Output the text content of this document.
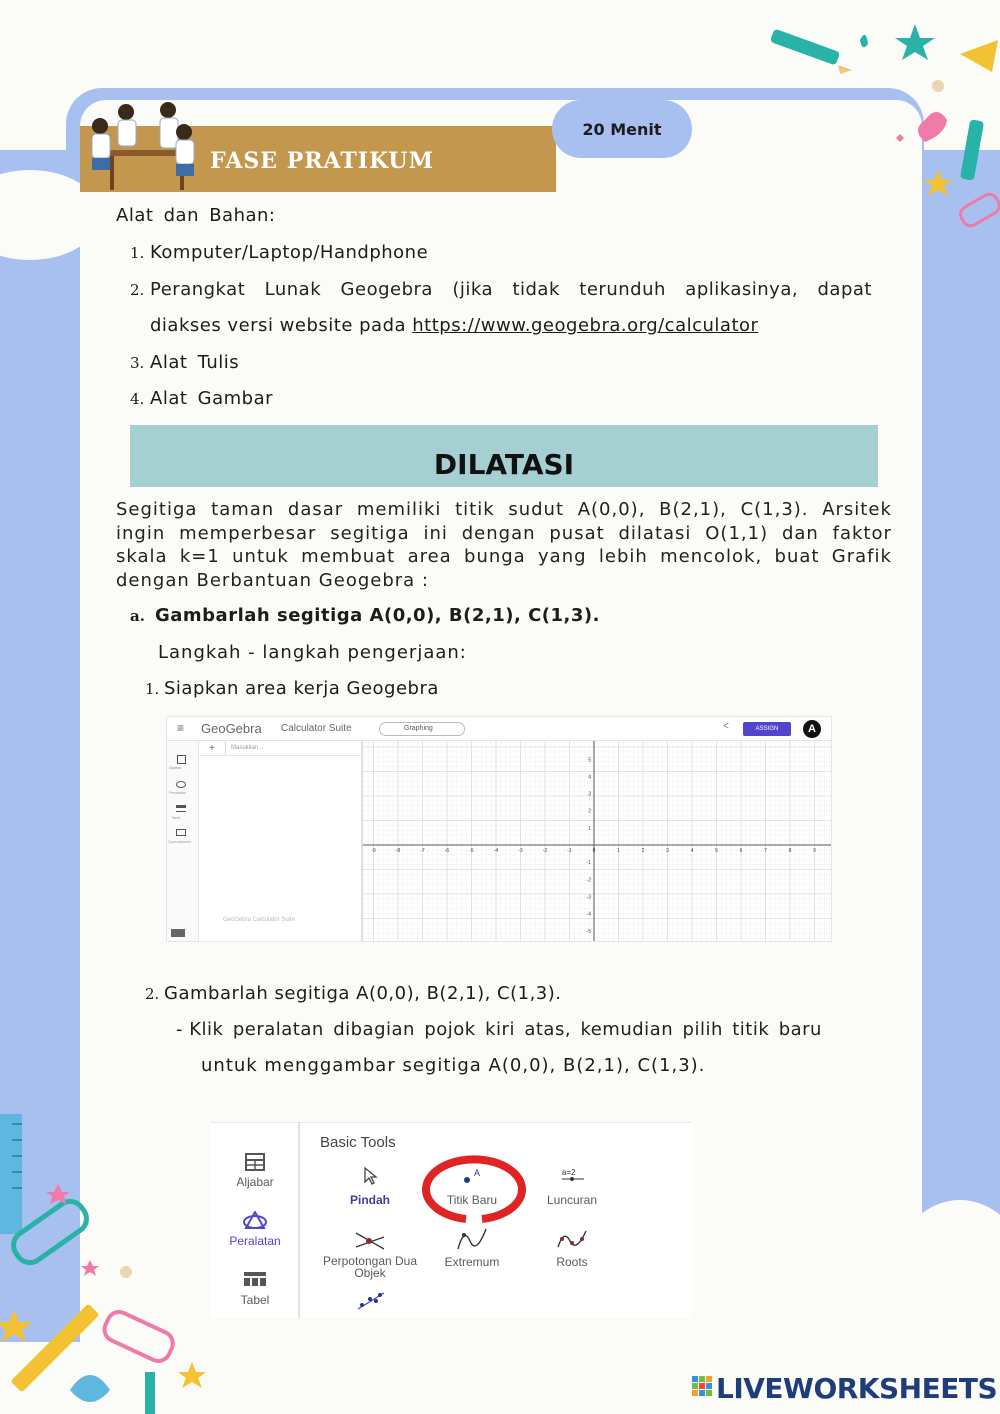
FASE PRATIKUM
20 Menit
Alat dan Bahan:
1. Komputer/Laptop/Handphone
2. Perangkat Lunak Geogebra (jika tidak terunduh aplikasinya, dapat
diakses versi website pada https://www.geogebra.org/calculator
3. Alat Tulis
4. Alat Gambar
DILATASI
Segitiga taman dasar memiliki titik sudut A(0,0), B(2,1), C(1,3). Arsitek
ingin memperbesar segitiga ini dengan pusat dilatasi O(1,1) dan faktor
skala k=1 untuk membuat area bunga yang lebih mencolok, buat Grafik
dengan Berbantuan Geogebra :
a. Gambarlah segitiga A(0,0), B(2,1), C(1,3).
Langkah - langkah pengerjaan:
1. Siapkan area kerja Geogebra
≡ GeoGebra Calculator Suite	Graphing	<	ASSIGN	A
Aljabar
Peralatan
Tabel
Spreadsheet
+	Masukkan...
GeoGebra Calculator Suite
-9	-8	-7	-6	-5	-4	-3	-2	-1	0	1	2	3	4	5	6	7	8	9
5
4
3
2
1
-1
-2
-3
-4
-5
2. Gambarlah segitiga A(0,0), B(2,1), C(1,3).
- Klik peralatan dibagian pojok kiri atas, kemudian pilih titik baru
untuk menggambar segitiga A(0,0), B(2,1), C(1,3).
Aljabar
Peralatan
Tabel
Basic Tools
Pindah
A
Titik Baru
a=2
Luncuran
Perpotongan Dua Objek
Extremum	Roots
LIVEWORKSHEETS
